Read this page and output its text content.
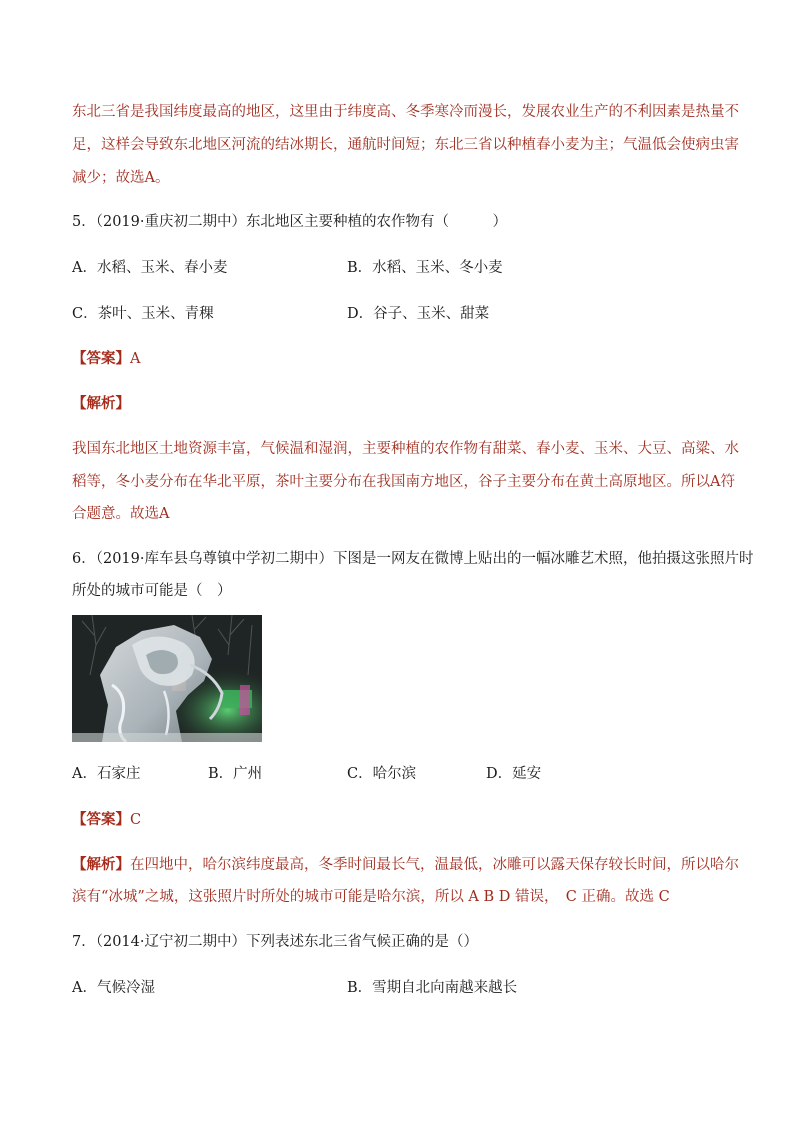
东北三省是我国纬度最高的地区，这里由于纬度高、冬季寒冷而漫长，发展农业生产的不利因素是热量不
足，这样会导致东北地区河流的结冰期长，通航时间短；东北三省以种植春小麦为主；气温低会使病虫害
减少；故选A。
5．（2019·重庆初二期中）东北地区主要种植的农作物有（　　　）
A．水稻、玉米、春小麦	B．水稻、玉米、冬小麦
C．茶叶、玉米、青稞	D．谷子、玉米、甜菜
【答案】A
【解析】
我国东北地区土地资源丰富，气候温和湿润，主要种植的农作物有甜菜、春小麦、玉米、大豆、高粱、水
稻等，冬小麦分布在华北平原，茶叶主要分布在我国南方地区，谷子主要分布在黄土高原地区。所以A符
合题意。故选A
6．（2019·库车县乌尊镇中学初二期中）下图是一网友在微博上贴出的一幅冰雕艺术照，他拍摄这张照片时
所处的城市可能是（　）
A．石家庄	B．广州	C．哈尔滨	D．延安
【答案】C
【解析】在四地中，哈尔滨纬度最高，冬季时间最长气，温最低，冰雕可以露天保存较长时间，所以哈尔
滨有“冰城”之城，这张照片时所处的城市可能是哈尔滨，所以 A B D 错误，　C 正确。故选 C
7．（2014·辽宁初二期中）下列表述东北三省气候正确的是（）
A．气候冷湿	B．雪期自北向南越来越长
